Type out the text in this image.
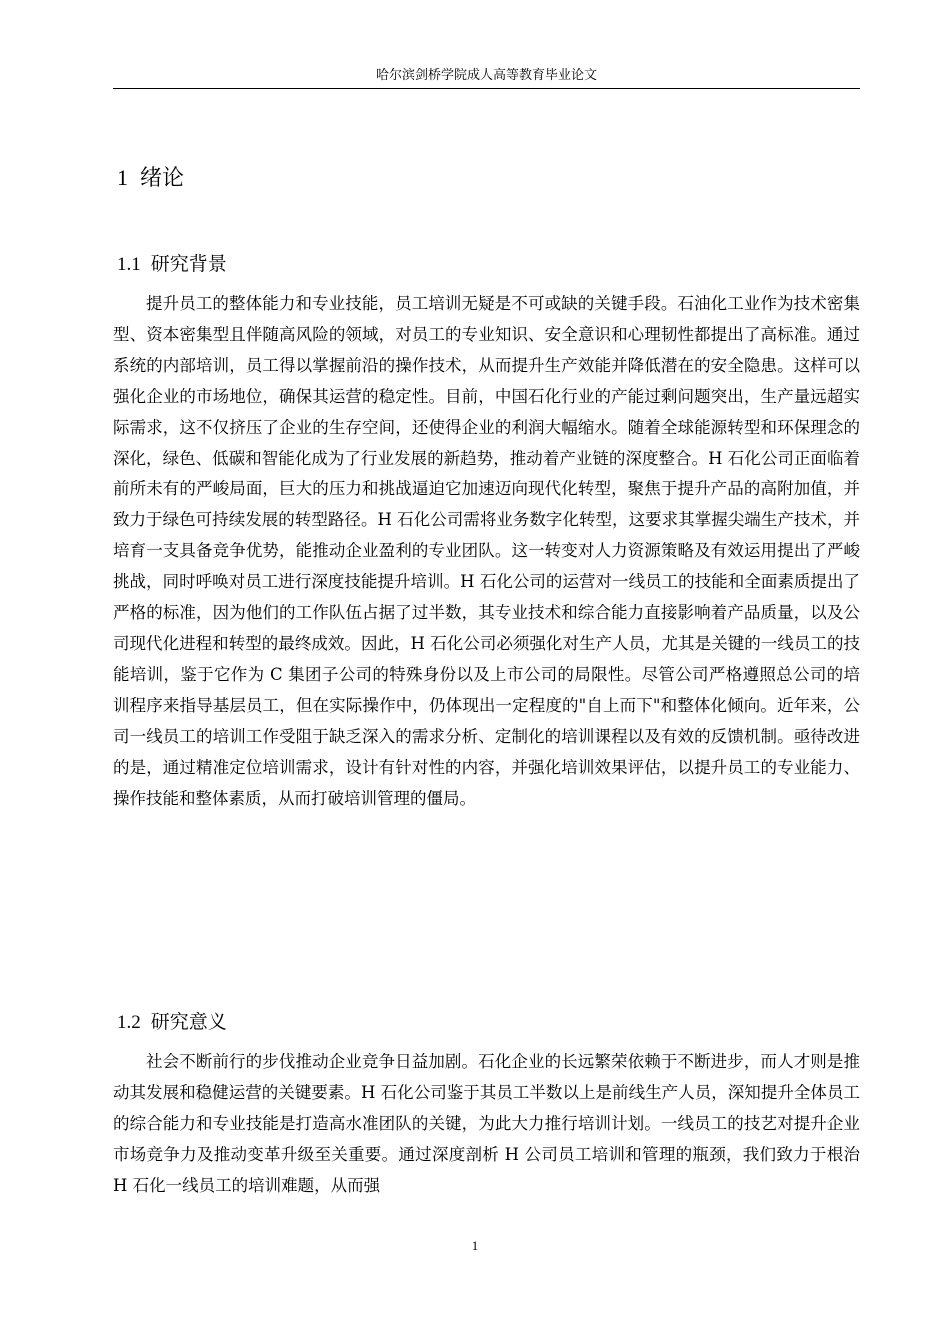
哈尔滨剑桥学院成人高等教育毕业论文
1 绪论
1.1 研究背景
提升员工的整体能力和专业技能，员工培训无疑是不可或缺的关键手段。石油化工业作为技术密集型、资本密集型且伴随高风险的领域，对员工的专业知识、安全意识和心理韧性都提出了高标准。通过系统的内部培训，员工得以掌握前沿的操作技术，从而提升生产效能并降低潜在的安全隐患。这样可以强化企业的市场地位，确保其运营的稳定性。目前，中国石化行业的产能过剩问题突出，生产量远超实际需求，这不仅挤压了企业的生存空间，还使得企业的利润大幅缩水。随着全球能源转型和环保理念的深化，绿色、低碳和智能化成为了行业发展的新趋势，推动着产业链的深度整合。H 石化公司正面临着前所未有的严峻局面，巨大的压力和挑战逼迫它加速迈向现代化转型，聚焦于提升产品的高附加值，并致力于绿色可持续发展的转型路径。H 石化公司需将业务数字化转型，这要求其掌握尖端生产技术，并培育一支具备竞争优势，能推动企业盈利的专业团队。这一转变对人力资源策略及有效运用提出了严峻挑战，同时呼唤对员工进行深度技能提升培训。H 石化公司的运营对一线员工的技能和全面素质提出了严格的标准，因为他们的工作队伍占据了过半数，其专业技术和综合能力直接影响着产品质量，以及公司现代化进程和转型的最终成效。因此，H 石化公司必须强化对生产人员，尤其是关键的一线员工的技能培训，鉴于它作为 C 集团子公司的特殊身份以及上市公司的局限性。尽管公司严格遵照总公司的培训程序来指导基层员工，但在实际操作中，仍体现出一定程度的"自上而下"和整体化倾向。近年来，公司一线员工的培训工作受阻于缺乏深入的需求分析、定制化的培训课程以及有效的反馈机制。亟待改进的是，通过精准定位培训需求，设计有针对性的内容，并强化培训效果评估，以提升员工的专业能力、操作技能和整体素质，从而打破培训管理的僵局。
1.2 研究意义
社会不断前行的步伐推动企业竞争日益加剧。石化企业的长远繁荣依赖于不断进步，而人才则是推动其发展和稳健运营的关键要素。H 石化公司鉴于其员工半数以上是前线生产人员，深知提升全体员工的综合能力和专业技能是打造高水准团队的关键，为此大力推行培训计划。一线员工的技艺对提升企业市场竞争力及推动变革升级至关重要。通过深度剖析 H 公司员工培训和管理的瓶颈，我们致力于根治 H 石化一线员工的培训难题，从而强
1
